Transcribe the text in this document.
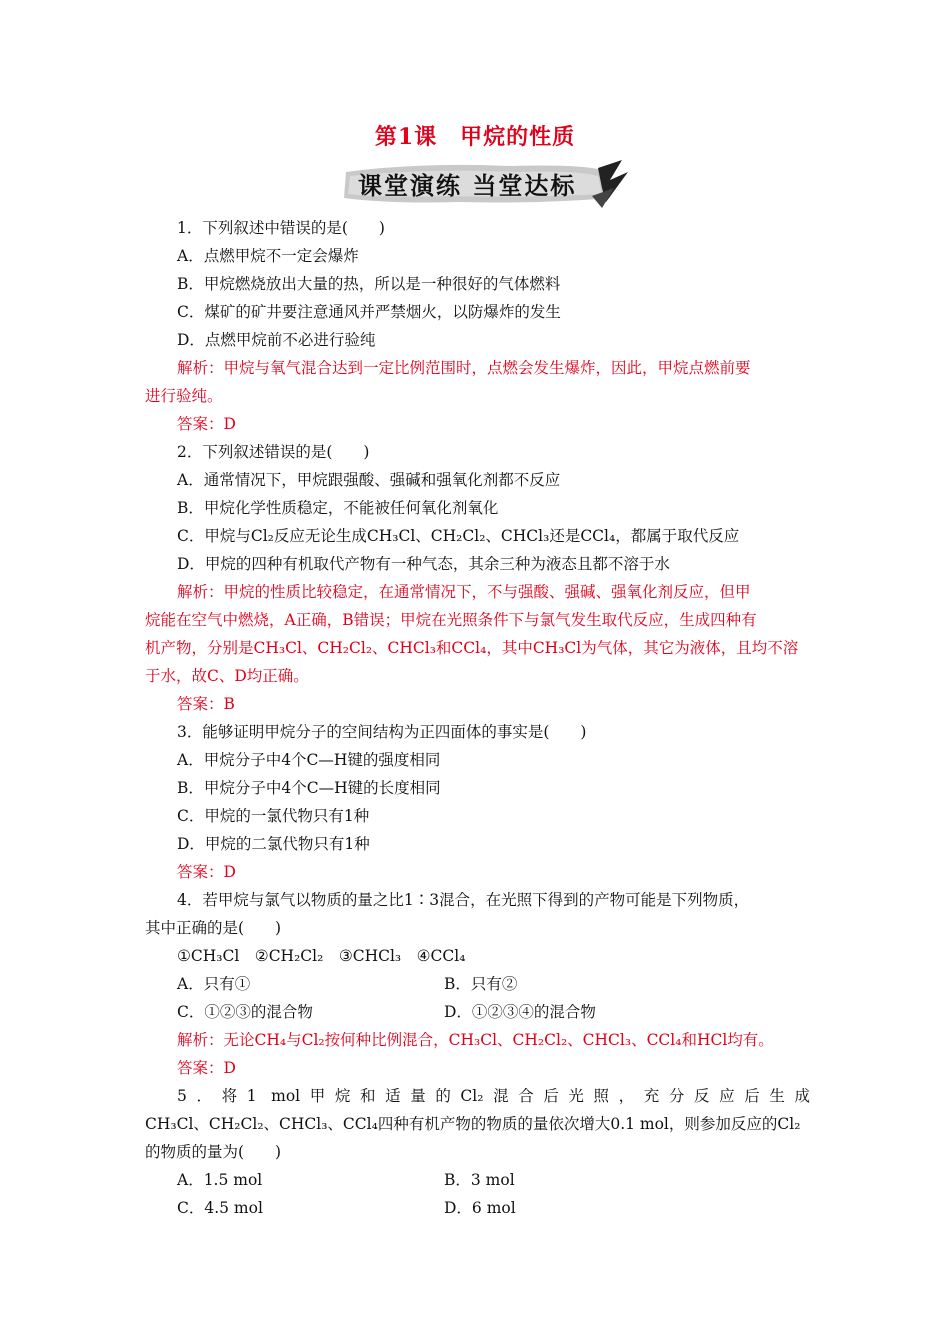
第1课　甲烷的性质
课堂演练 当堂达标
1．下列叙述中错误的是(　　)
A．点燃甲烷不一定会爆炸
B．甲烷燃烧放出大量的热，所以是一种很好的气体燃料
C．煤矿的矿井要注意通风并严禁烟火，以防爆炸的发生
D．点燃甲烷前不必进行验纯
解析：甲烷与氧气混合达到一定比例范围时，点燃会发生爆炸，因此，甲烷点燃前要
进行验纯。
答案：D
2．下列叙述错误的是(　　)
A．通常情况下，甲烷跟强酸、强碱和强氧化剂都不反应
B．甲烷化学性质稳定，不能被任何氧化剂氧化
C．甲烷与Cl₂反应无论生成CH₃Cl、CH₂Cl₂、CHCl₃还是CCl₄，都属于取代反应
D．甲烷的四种有机取代产物有一种气态，其余三种为液态且都不溶于水
解析：甲烷的性质比较稳定，在通常情况下，不与强酸、强碱、强氧化剂反应，但甲
烷能在空气中燃烧，A正确，B错误；甲烷在光照条件下与氯气发生取代反应，生成四种有
机产物，分别是CH₃Cl、CH₂Cl₂、CHCl₃和CCl₄，其中CH₃Cl为气体，其它为液体，且均不溶
于水，故C、D均正确。
答案：B
3．能够证明甲烷分子的空间结构为正四面体的事实是(　　)
A．甲烷分子中4个C—H键的强度相同
B．甲烷分子中4个C—H键的长度相同
C．甲烷的一氯代物只有1种
D．甲烷的二氯代物只有1种
答案：D
4．若甲烷与氯气以物质的量之比1∶3混合，在光照下得到的产物可能是下列物质，
其中正确的是(　　)
①CH₃Cl　②CH₂Cl₂　③CHCl₃　④CCl₄
A．只有①	B．只有②
C．①②③的混合物	D．①②③④的混合物
解析：无论CH₄与Cl₂按何种比例混合，CH₃Cl、CH₂Cl₂、CHCl₃、CCl₄和HCl均有。
答案：D
5．将1 mol甲烷和适量的Cl₂混合后光照，充分反应后生成
CH₃Cl、CH₂Cl₂、CHCl₃、CCl₄四种有机产物的物质的量依次增大0.1 mol，则参加反应的Cl₂
的物质的量为(　　)
A．1.5 mol	B．3 mol
C．4.5 mol	D．6 mol
